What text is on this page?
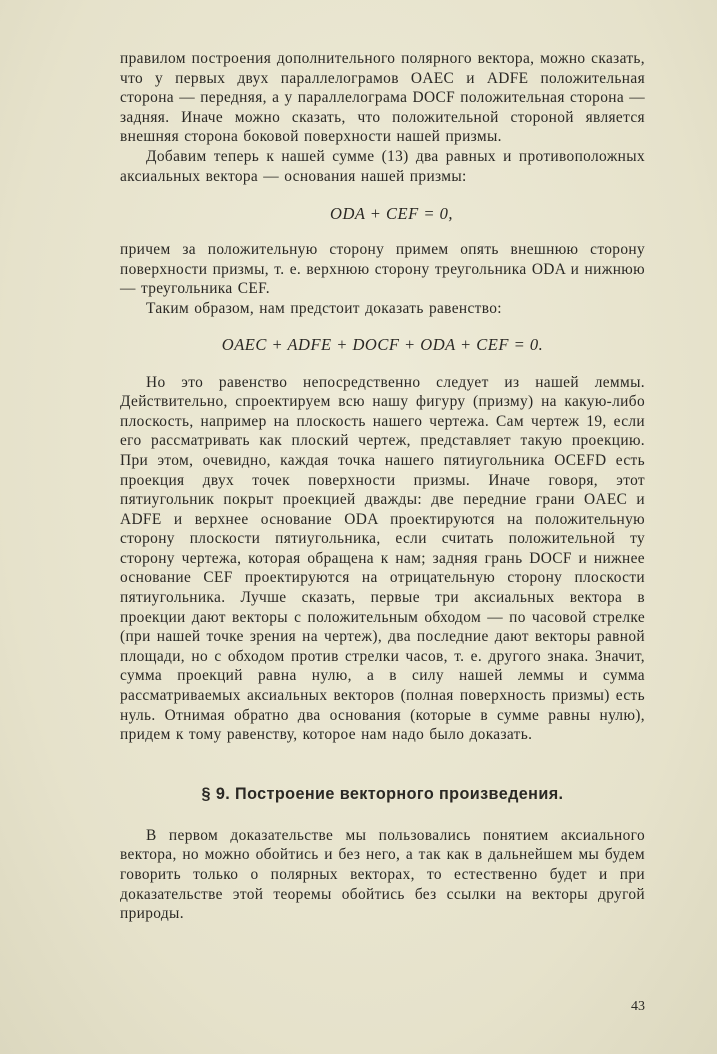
правилом построения дополнительного полярного вектора, можно сказать, что у первых двух параллелограмов OAEC и ADFE положительная сторона — передняя, а у параллелограма DOCF положительная сторона — задняя. Иначе можно сказать, что положительной стороной является внешняя сторона боковой поверхности нашей призмы.

Добавим теперь к нашей сумме (13) два равных и противоположных аксиальных вектора — основания нашей призмы:

ODA + CEF = 0,

причем за положительную сторону примем опять внешнюю сторону поверхности призмы, т. е. верхнюю сторону треугольника ODA и нижнюю — треугольника CEF.

Таким образом, нам предстоит доказать равенство:

OAEC + ADFE + DOCF + ODA + CEF = 0.

Но это равенство непосредственно следует из нашей леммы. Действительно, спроектируем всю нашу фигуру (призму) на какую-либо плоскость, например на плоскость нашего чертежа. Сам чертеж 19, если его рассматривать как плоский чертеж, представляет такую проекцию. При этом, очевидно, каждая точка нашего пятиугольника OCEFD есть проекция двух точек поверхности призмы. Иначе говоря, этот пятиугольник покрыт проекцией дважды: две передние грани OAEC и ADFE и верхнее основание ODA проектируются на положительную сторону плоскости пятиугольника, если считать положительной ту сторону чертежа, которая обращена к нам; задняя грань DOCF и нижнее основание CEF проектируются на отрицательную сторону плоскости пятиугольника. Лучше сказать, первые три аксиальных вектора в проекции дают векторы с положительным обходом — по часовой стрелке (при нашей точке зрения на чертеж), два последние дают векторы равной площади, но с обходом против стрелки часов, т. е. другого знака. Значит, сумма проекций равна нулю, а в силу нашей леммы и сумма рассматриваемых аксиальных векторов (полная поверхность призмы) есть нуль. Отнимая обратно два основания (которые в сумме равны нулю), придем к тому равенству, которое нам надо было доказать.

§ 9. Построение векторного произведения.

В первом доказательстве мы пользовались понятием аксиального вектора, но можно обойтись и без него, а так как в дальнейшем мы будем говорить только о полярных векторах, то естественно будет и при доказательстве этой теоремы обойтись без ссылки на векторы другой природы.

43
